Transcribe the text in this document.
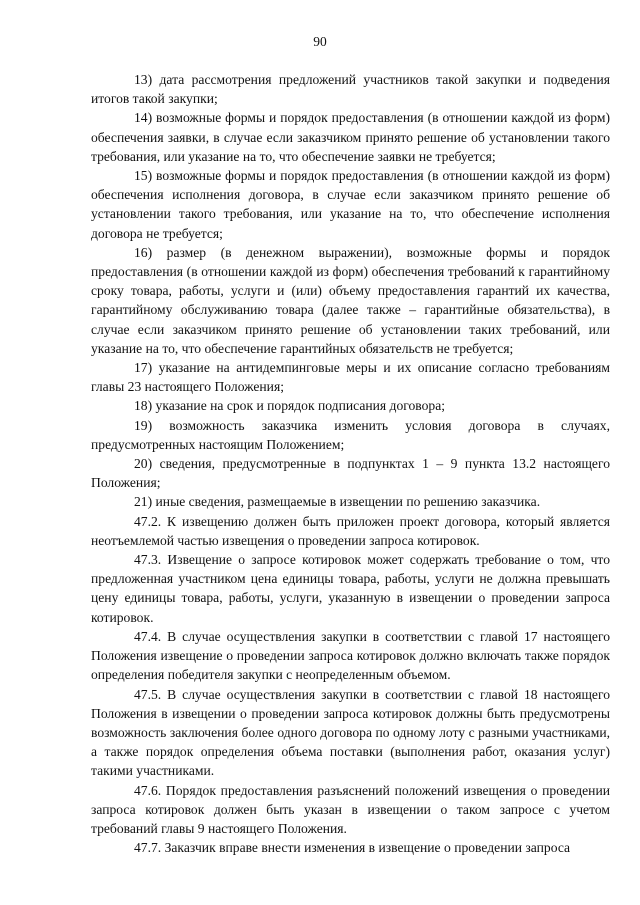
90

13) дата рассмотрения предложений участников такой закупки и подведения итогов такой закупки;

14) возможные формы и порядок предоставления (в отношении каждой из форм) обеспечения заявки, в случае если заказчиком принято решение об установлении такого требования, или указание на то, что обеспечение заявки не требуется;

15) возможные формы и порядок предоставления (в отношении каждой из форм) обеспечения исполнения договора, в случае если заказчиком принято решение об установлении такого требования, или указание на то, что обеспечение исполнения договора не требуется;

16) размер (в денежном выражении), возможные формы и порядок предоставления (в отношении каждой из форм) обеспечения требований к гарантийному сроку товара, работы, услуги и (или) объему предоставления гарантий их качества, гарантийному обслуживанию товара (далее также – гарантийные обязательства), в случае если заказчиком принято решение об установлении таких требований, или указание на то, что обеспечение гарантийных обязательств не требуется;

17) указание на антидемпинговые меры и их описание согласно требованиям главы 23 настоящего Положения;

18) указание на срок и порядок подписания договора;

19) возможность заказчика изменить условия договора в случаях, предусмотренных настоящим Положением;

20) сведения, предусмотренные в подпунктах 1 – 9 пункта 13.2 настоящего Положения;

21) иные сведения, размещаемые в извещении по решению заказчика.

47.2. К извещению должен быть приложен проект договора, который является неотъемлемой частью извещения о проведении запроса котировок.

47.3. Извещение о запросе котировок может содержать требование о том, что предложенная участником цена единицы товара, работы, услуги не должна превышать цену единицы товара, работы, услуги, указанную в извещении о проведении запроса котировок.

47.4. В случае осуществления закупки в соответствии с главой 17 настоящего Положения извещение о проведении запроса котировок должно включать также порядок определения победителя закупки с неопределенным объемом.

47.5. В случае осуществления закупки в соответствии с главой 18 настоящего Положения в извещении о проведении запроса котировок должны быть предусмотрены возможность заключения более одного договора по одному лоту с разными участниками, а также порядок определения объема поставки (выполнения работ, оказания услуг) такими участниками.

47.6. Порядок предоставления разъяснений положений извещения о проведении запроса котировок должен быть указан в извещении о таком запросе с учетом требований главы 9 настоящего Положения.

47.7. Заказчик вправе внести изменения в извещение о проведении запроса
